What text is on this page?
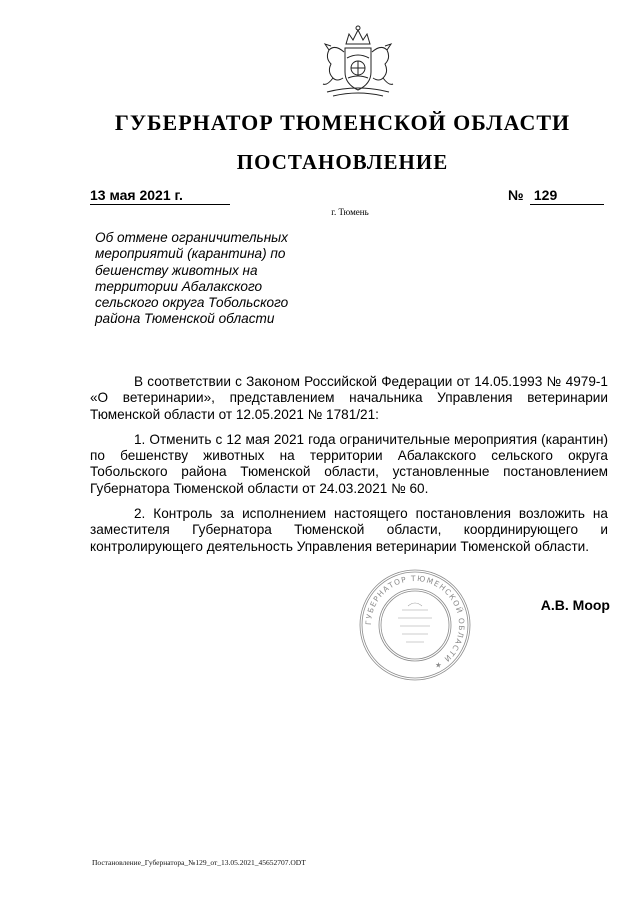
ГУБЕРНАТОР ТЮМЕНСКОЙ ОБЛАСТИ
ПОСТАНОВЛЕНИЕ
13 мая 2021 г.	№ 129
г. Тюмень
Об отмене ограничительных мероприятий (карантина) по бешенству животных на территории Абалакского сельского округа Тобольского района Тюменской области

В соответствии с Законом Российской Федерации от 14.05.1993 № 4979-1 «О ветеринарии», представлением начальника Управления ветеринарии Тюменской области от 12.05.2021 № 1781/21:

1. Отменить с 12 мая 2021 года ограничительные мероприятия (карантин) по бешенству животных на территории Абалакского сельского округа Тобольского района Тюменской области, установленные постановлением Губернатора Тюменской области от 24.03.2021 № 60.

2. Контроль за исполнением настоящего постановления возложить на заместителя Губернатора Тюменской области, координирующего и контролирующего деятельность Управления ветеринарии Тюменской области.

ГУБЕРНАТОР ТЮМЕНСКОЙ ОБЛАСТИ ★
А.В. Моор
Постановление_Губернатора_№129_от_13.05.2021_45652707.ODT
